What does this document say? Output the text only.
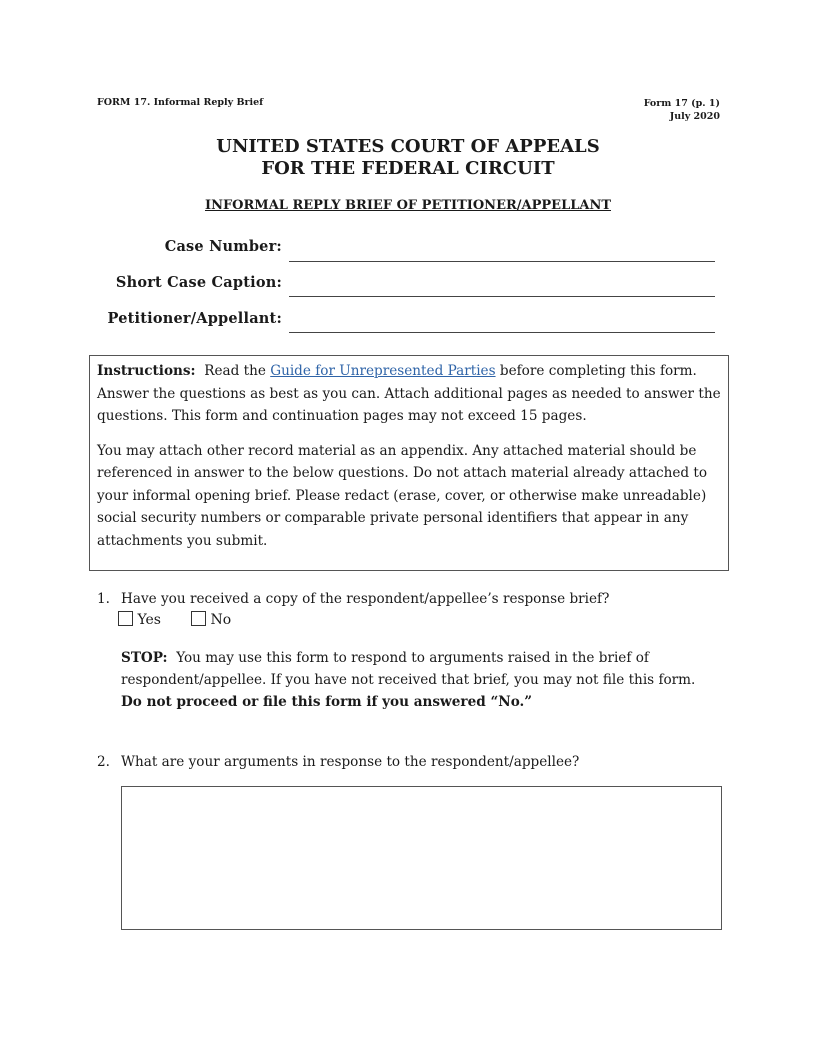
FORM 17. Informal Reply Brief	Form 17 (p. 1)
July 2020
UNITED STATES COURT OF APPEALS
FOR THE FEDERAL CIRCUIT
INFORMAL REPLY BRIEF OF PETITIONER/APPELLANT
Case Number:
Short Case Caption:
Petitioner/Appellant:

Instructions: Read the Guide for Unrepresented Parties before completing this form. Answer the questions as best as you can. Attach additional pages as needed to answer the questions. This form and continuation pages may not exceed 15 pages.

You may attach other record material as an appendix. Any attached material should be referenced in answer to the below questions. Do not attach material already attached to your informal opening brief. Please redact (erase, cover, or otherwise make unreadable) social security numbers or comparable private personal identifiers that appear in any attachments you submit.

1. Have you received a copy of the respondent/appellee’s response brief?
Yes	No
STOP: You may use this form to respond to arguments raised in the brief of respondent/appellee. If you have not received that brief, you may not file this form.  Do not proceed or file this form if you answered “No.”
2. What are your arguments in response to the respondent/appellee?
